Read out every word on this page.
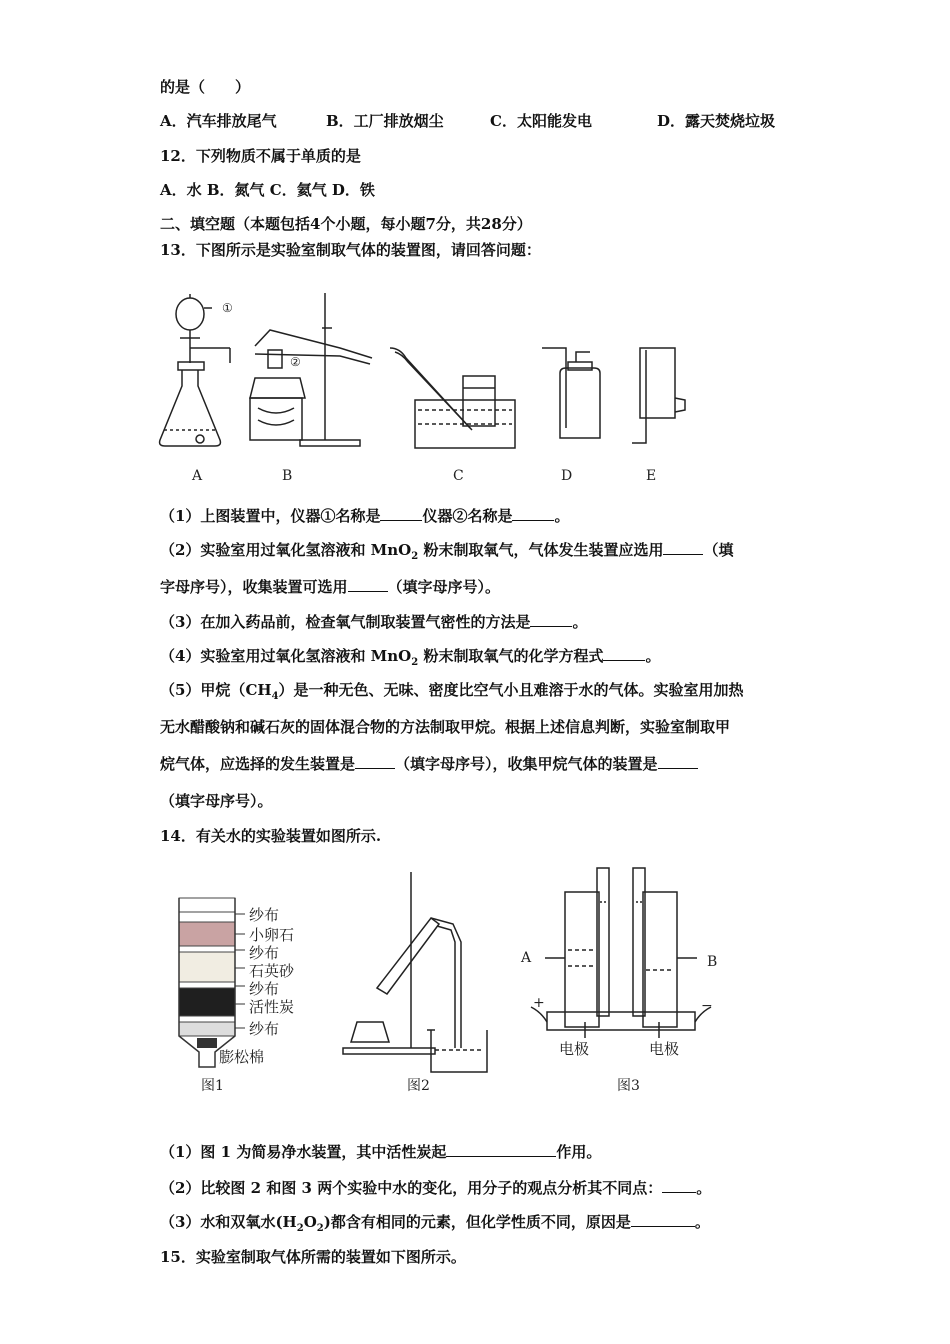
的是（　　）
A．汽车排放尾气	B．工厂排放烟尘	C．太阳能发电	D．露天焚烧垃圾
12．下列物质不属于单质的是
A．水 B．氮气 C．氦气 D．铁
二、填空题（本题包括4个小题，每小题7分，共28分）
13．下图所示是实验室制取气体的装置图，请回答问题：
①
②
A	B	C	D	E
（1）上图装置中，仪器①名称是	仪器②名称是	。
（2）实验室用过氧化氢溶液和 MnO$_2$ 粉末制取氧气，气体发生装置应选用	（填
字母序号），收集装置可选用	（填字母序号）。
（3）在加入药品前，检查氧气制取装置气密性的方法是	。
（4）实验室用过氧化氢溶液和 MnO$_2$ 粉末制取氧气的化学方程式	。
（5）甲烷$(CH_4)$是一种无色、无味、密度比空气小且难溶于水的气体。实验室用加热
无水醋酸钠和碱石灰的固体混合物的方法制取甲烷。根据上述信息判断，实验室制取甲
烷气体，应选择的发生装置是	（填字母序号），收集甲烷气体的装置是
（填字母序号）。
14．有关水的实验装置如图所示.
纱布
小卵石
纱布
石英砂
纱布
活性炭
纱布
膨松棉
图1	图2
A	B
+	−
电极	电极
图3
（1）图 1 为简易净水装置，其中活性炭起	作用。
（2）比较图 2 和图 3 两个实验中水的变化，用分子的观点分析其不同点： 。
（3）水和双氧水$(H_2O_2)$都含有相同的元素，但化学性质不同，原因是	。
15．实验室制取气体所需的装置如下图所示。
